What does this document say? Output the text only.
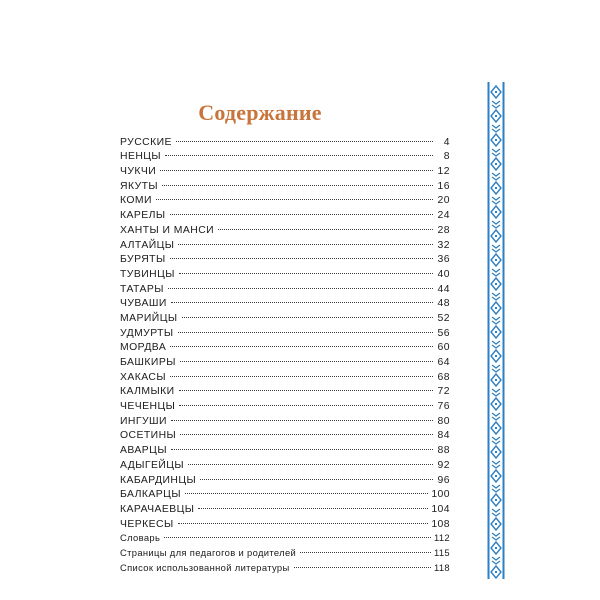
Содержание
РУССКИЕ	4
НЕНЦЫ	8
ЧУКЧИ	12
ЯКУТЫ	16
КОМИ	20
КАРЕЛЫ	24
ХАНТЫ И МАНСИ	28
АЛТАЙЦЫ	32
БУРЯТЫ	36
ТУВИНЦЫ	40
ТАТАРЫ	44
ЧУВАШИ	48
МАРИЙЦЫ	52
УДМУРТЫ	56
МОРДВА	60
БАШКИРЫ	64
ХАКАСЫ	68
КАЛМЫКИ	72
ЧЕЧЕНЦЫ	76
ИНГУШИ	80
ОСЕТИНЫ	84
АВАРЦЫ	88
АДЫГЕЙЦЫ	92
КАБАРДИНЦЫ	96
БАЛКАРЦЫ	100
КАРАЧАЕВЦЫ	104
ЧЕРКЕСЫ	108
Словарь	112
Страницы для педагогов и родителей	115
Список использованной литературы	118
